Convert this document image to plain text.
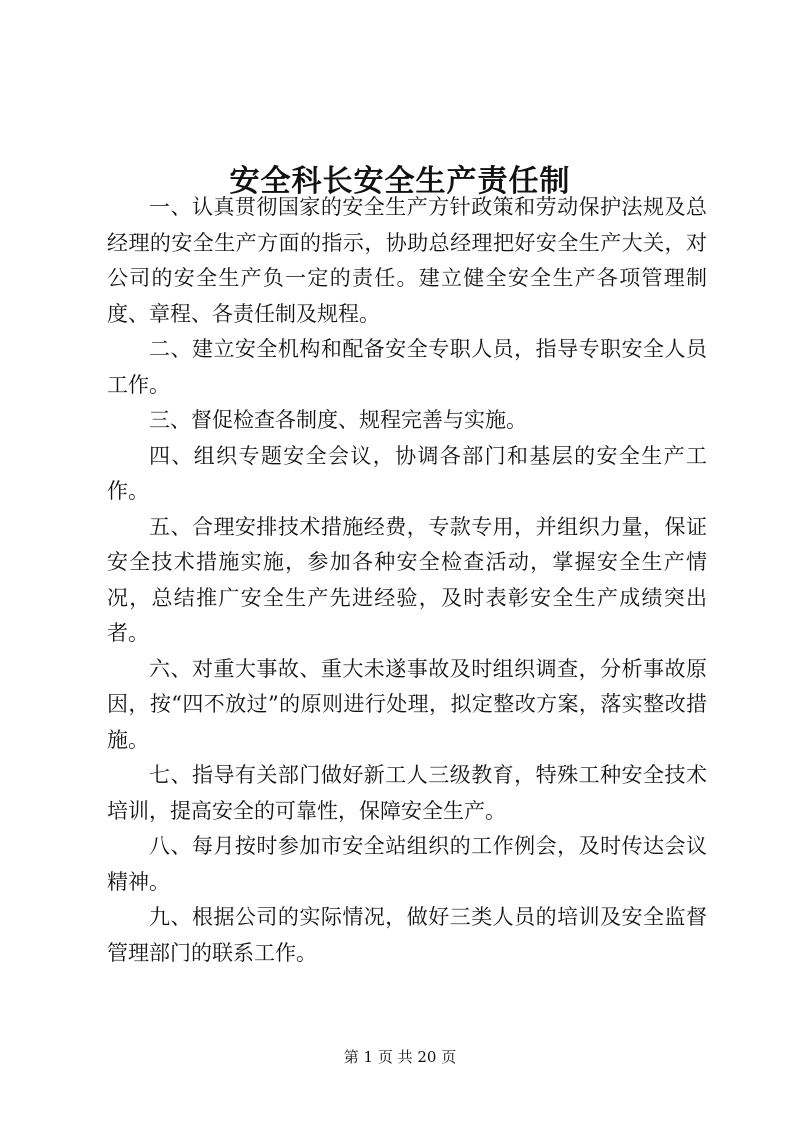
安全科长安全生产责任制

一、认真贯彻国家的安全生产方针政策和劳动保护法规及总经理的安全生产方面的指示，协助总经理把好安全生产大关，对公司的安全生产负一定的责任。建立健全安全生产各项管理制度、章程、各责任制及规程。

二、建立安全机构和配备安全专职人员，指导专职安全人员工作。

三、督促检查各制度、规程完善与实施。

四、组织专题安全会议，协调各部门和基层的安全生产工作。

五、合理安排技术措施经费，专款专用，并组织力量，保证安全技术措施实施，参加各种安全检查活动，掌握安全生产情况，总结推广安全生产先进经验，及时表彰安全生产成绩突出者。

六、对重大事故、重大未遂事故及时组织调查，分析事故原因，按“四不放过”的原则进行处理，拟定整改方案，落实整改措施。

七、指导有关部门做好新工人三级教育，特殊工种安全技术培训，提高安全的可靠性，保障安全生产。

八、每月按时参加市安全站组织的工作例会，及时传达会议精神。

九、根据公司的实际情况，做好三类人员的培训及安全监督管理部门的联系工作。

第 1 页 共 20 页
